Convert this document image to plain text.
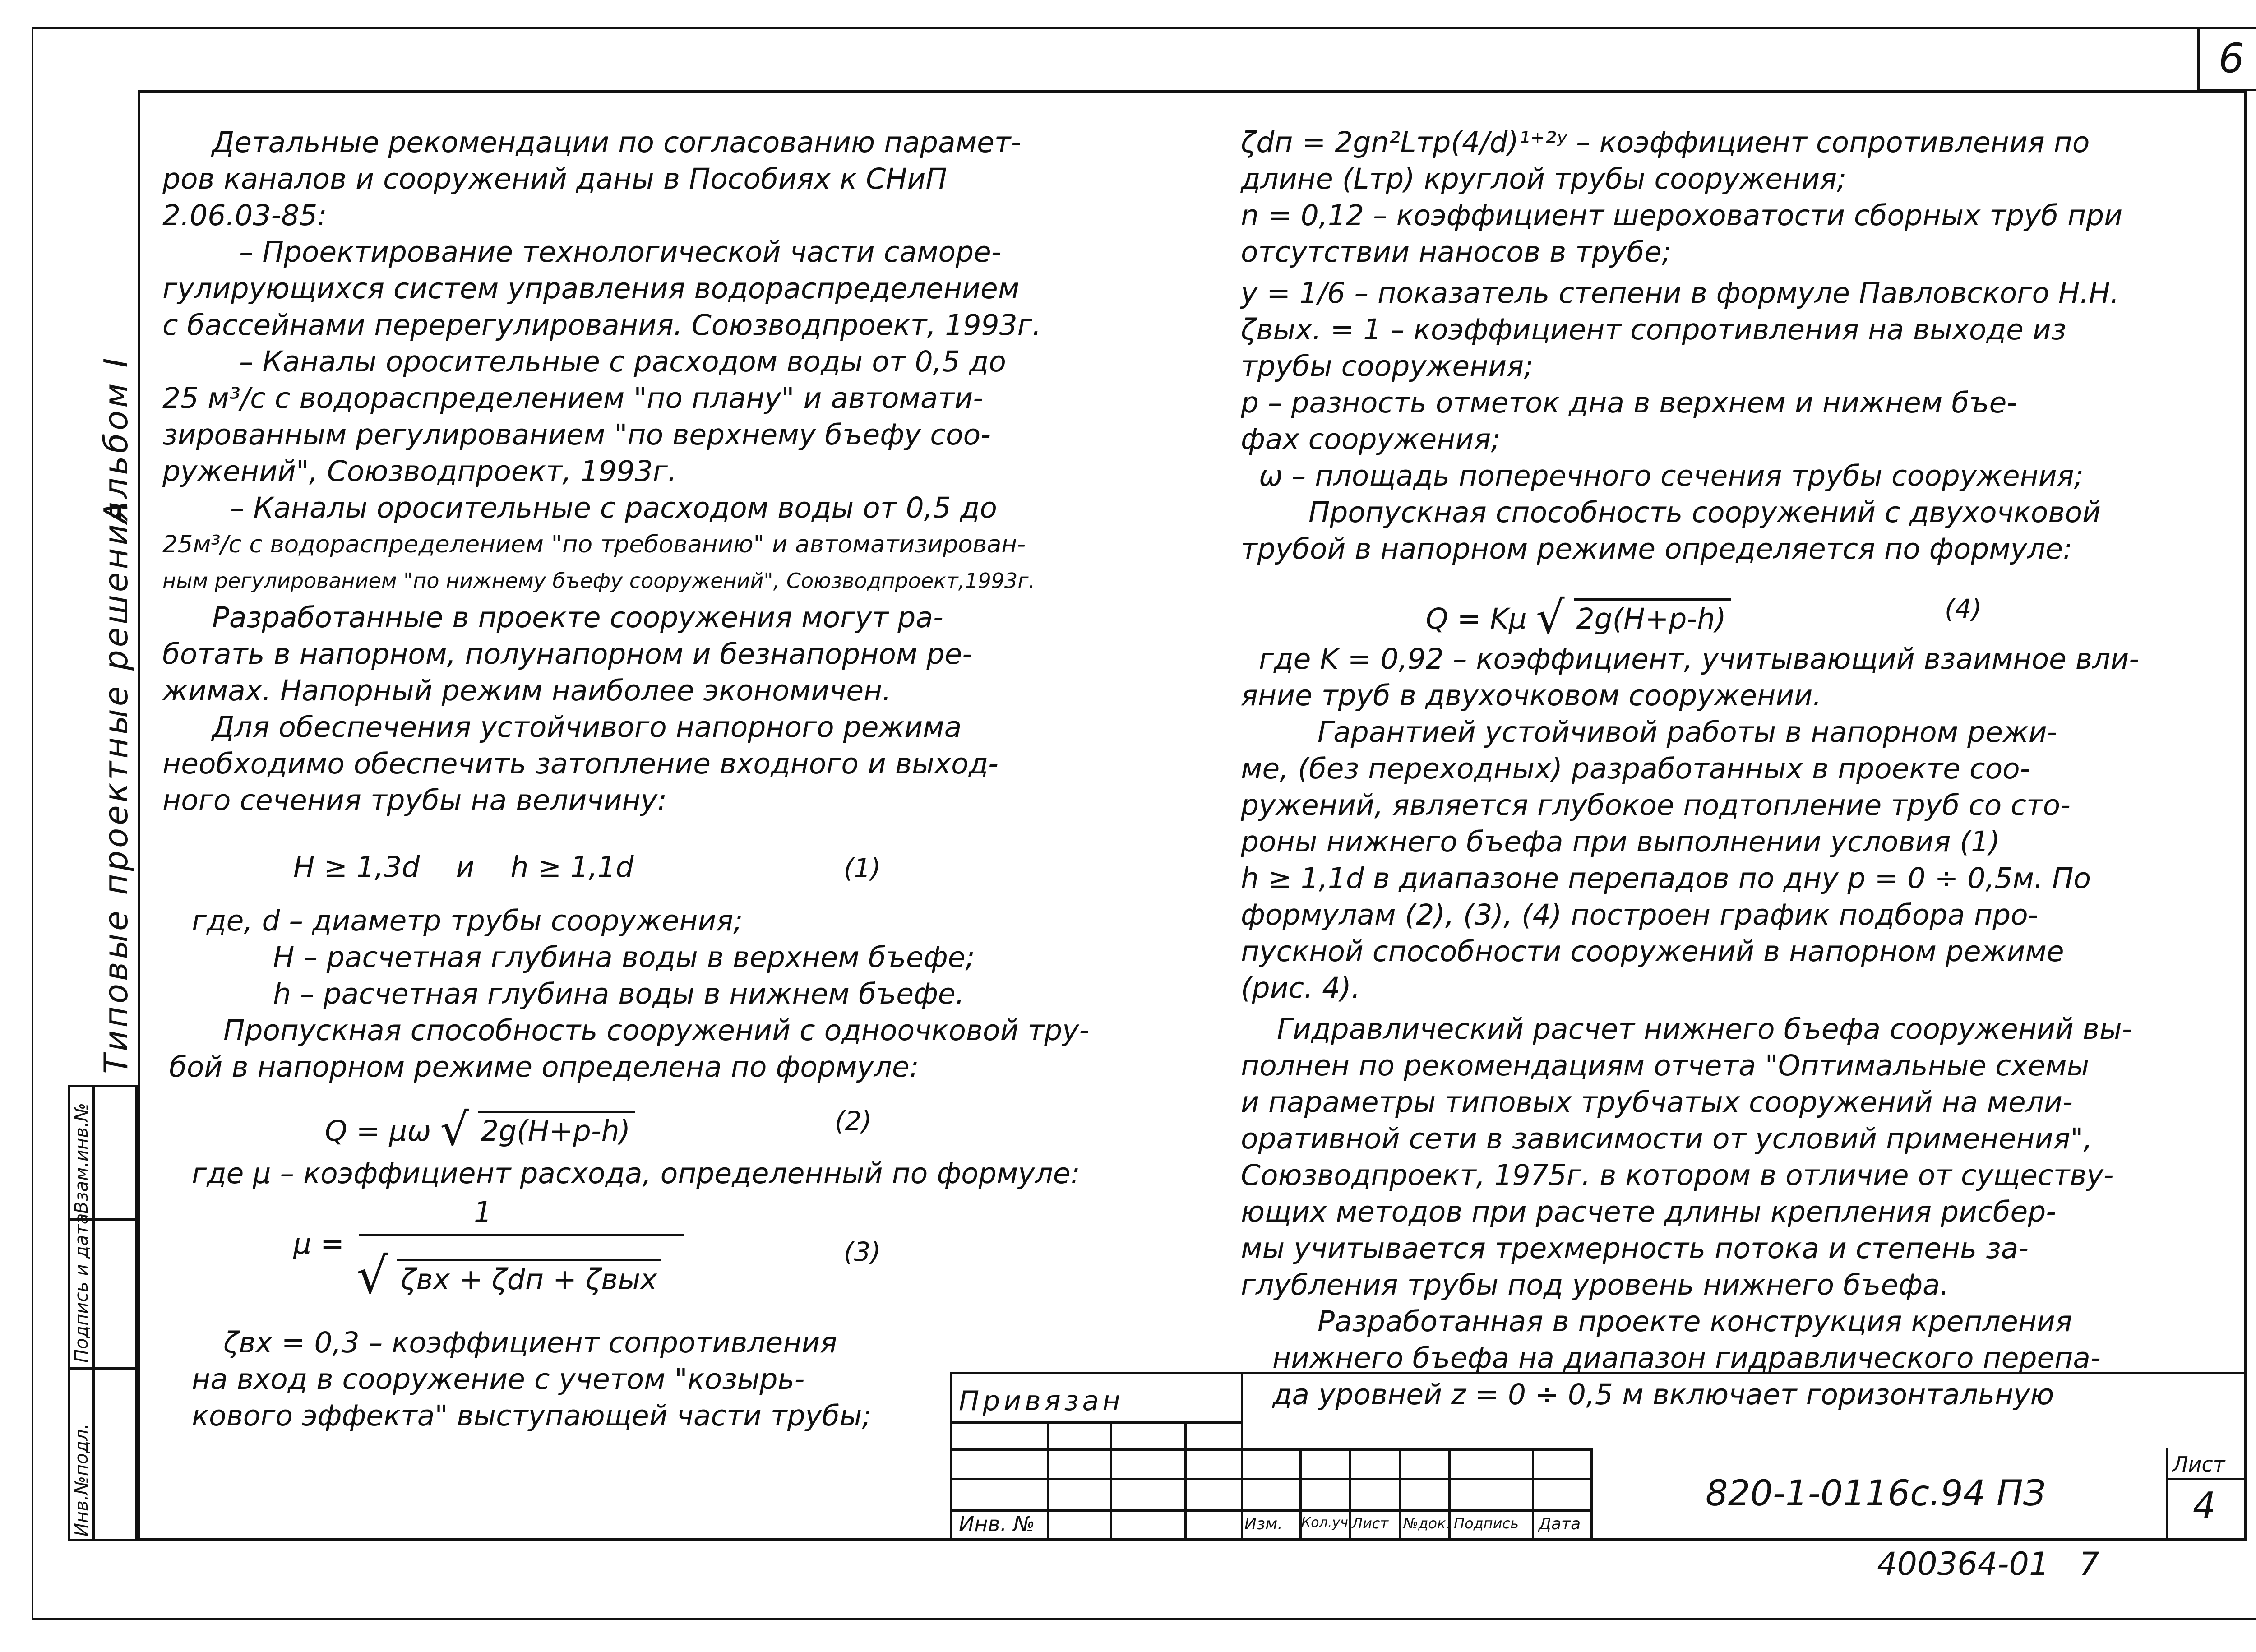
6
Типовые проектные решения
Альбом I
Инв.№подл.
Подпись и дата
Взам.инв.№

Детальные рекомендации по согласованию парамет-

ров каналов и сооружений даны в Пособиях к СНиП

2.06.03-85:

– Проектирование технологической части саморе-

гулирующихся систем управления водораспределением

с бассейнами перерегулирования. Союзводпроект, 1993г.

– Каналы оросительные с расходом воды от 0,5 до

25 м³/с с водораспределением "по плану" и автомати-

зированным регулированием "по верхнему бъефу соо-

ружений", Союзводпроект, 1993г.

– Каналы оросительные с расходом воды от 0,5 до

25м³/с с водораспределением "по требованию" и автоматизирован-

ным регулированием "по нижнему бъефу сооружений", Союзводпроект,1993г.

Разработанные в проекте сооружения могут ра-

ботать в напорном, полунапорном и безнапорном ре-

жимах. Напорный режим наиболее экономичен.

Для обеспечения устойчивого напорного режима

необходимо обеспечить затопление входного и выход-

ного сечения трубы на величину:

H ≥ 1,3d    и    h ≥ 1,1d	(1)

где, d – диаметр трубы сооружения;

H – расчетная глубина воды в верхнем бъефе;

h – расчетная глубина воды в нижнем бъефе.

Пропускная способность сооружений с одноочковой тру-

бой в напорном режиме определена по формуле:

Q = μω √ 2g(H+p-h)	(2)
где μ – коэффициент расхода, определенный по формуле:
μ =
1
√ ζвх + ζdп + ζвых
(3)

ζвх = 0,3 – коэффициент сопротивления

на вход в сооружение с учетом "козырь-

кового эффекта" выступающей части трубы;

ζdп = 2gn²Lтр(4/d)¹⁺²ʸ – коэффициент сопротивления по

длине (Lтр) круглой трубы сооружения;

n = 0,12 – коэффициент шероховатости сборных труб при

отсутствии наносов в трубе;

y = 1/6 – показатель степени в формуле Павловского Н.Н.

ζвых. = 1 – коэффициент сопротивления на выходе из

трубы сооружения;

p – разность отметок дна в верхнем и нижнем бъе-

фах сооружения;

ω – площадь поперечного сечения трубы сооружения;

Пропускная способность сооружений с двухочковой

трубой в напорном режиме определяется по формуле:

Q = Kμ √ 2g(H+p-h)	(4)

где K = 0,92 – коэффициент, учитывающий взаимное вли-

яние труб в двухочковом сооружении.

Гарантией устойчивой работы в напорном режи-

ме, (без переходных) разработанных в проекте соо-

ружений, является глубокое подтопление труб со сто-

роны нижнего бъефа при выполнении условия (1)

h ≥ 1,1d в диапазоне перепадов по дну p = 0 ÷ 0,5м. По

формулам (2), (3), (4) построен график подбора про-

пускной способности сооружений в напорном режиме

(рис. 4).

Гидравлический расчет нижнего бъефа сооружений вы-

полнен по рекомендациям отчета "Оптимальные схемы

и параметры типовых трубчатых сооружений на мели-

оративной сети в зависимости от условий применения",

Союзводпроект, 1975г. в котором в отличие от существу-

ющих методов при расчете длины крепления рисбер-

мы учитывается трехмерность потока и степень за-

глубления трубы под уровень нижнего бъефа.

Разработанная в проекте конструкция крепления

нижнего бъефа на диапазон гидравлического перепа-

да уровней z = 0 ÷ 0,5 м включает горизонтальную

Привязан
Инв. №	Изм. Кол.уч Лист №док. Подпись Дата
820-1-0116с.94 ПЗ
Лист
4
400364-01   7
